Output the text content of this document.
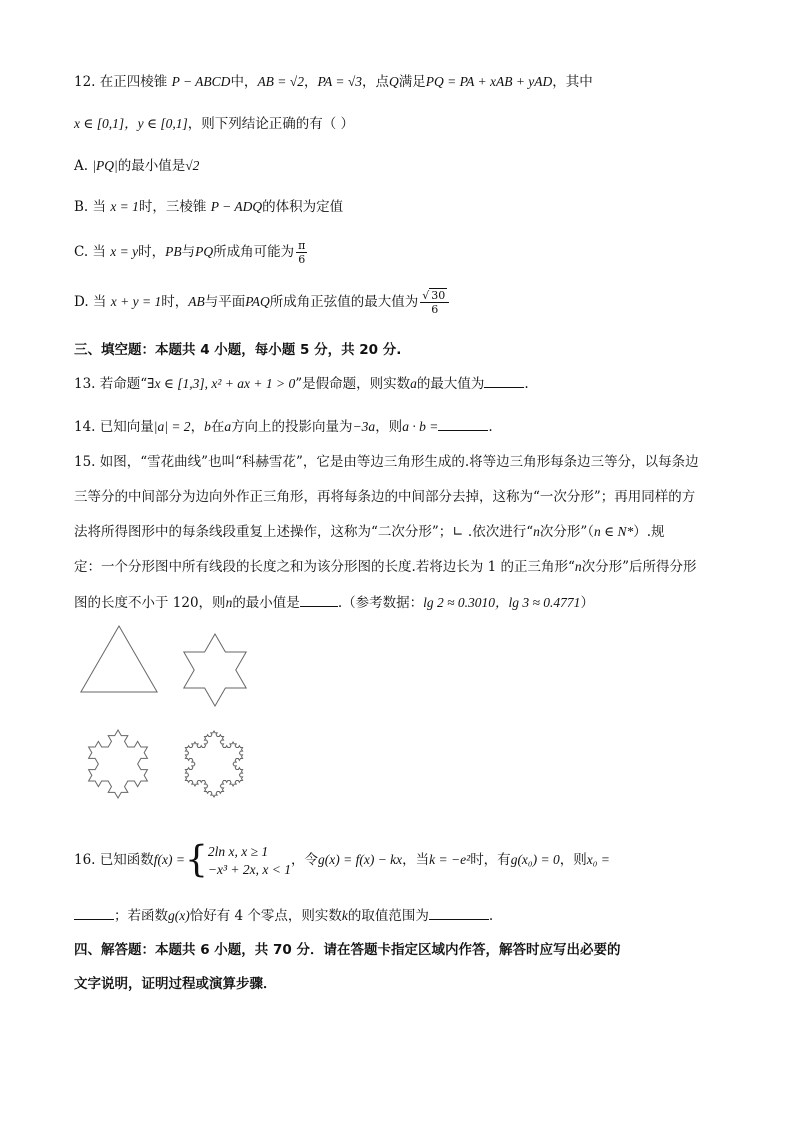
12. 在正四棱锥 P − ABCD中，AB = √2，PA = √3，点Q满足PQ = PA + xAB + yAD，其中
x ∈ [0,1]，y ∈ [0,1]，则下列结论正确的有（ ）
A. |PQ|的最小值是√2
B. 当 x = 1时，三棱锥 P − ADQ的体积为定值
C. 当 x = y时，PB与PQ所成角可能为 $\frac{\pi}{6}$
D. 当 x + y = 1时，AB与平面PAQ所成角正弦值的最大值为 $\frac{√ 30}{6}$
三、填空题：本题共 4 小题，每小题 5 分，共 20 分.
13. 若命题“∃x ∈ [1,3], x² + ax + 1 > 0”是假命题，则实数a的最大值为	.
14. 已知向量|a| = 2，b在a方向上的投影向量为−3a，则a · b =	.
15. 如图，“雪花曲线”也叫“科赫雪花”，它是由等边三角形生成的.将等边三角形每条边三等分，以每条边
三等分的中间部分为边向外作正三角形，再将每条边的中间部分去掉，这称为“一次分形”；再用同样的方
法将所得图形中的每条线段重复上述操作，这称为“二次分形”；∟ .依次进行“n次分形”（n ∈ N*）.规
定：一个分形图中所有线段的长度之和为该分形图的长度.若将边长为 1 的正三角形“n次分形”后所得分形
图的长度不小于 120，则n的最小值是	.（参考数据：lg 2 ≈ 0.3010，lg 3 ≈ 0.4771）
16. 已知函数f(x) ={ 2ln x, x ≥ 1
−x³ + 2x, x < 1
，令g(x) = f(x) − kx，当k = −e²时，有g(x₀) = 0，则x₀ =
；若函数g(x)恰好有 4 个零点，则实数k的取值范围为	.
四、解答题：本题共 6 小题，共 70 分．请在答题卡指定区域内作答，解答时应写出必要的
文字说明，证明过程或演算步骤．
